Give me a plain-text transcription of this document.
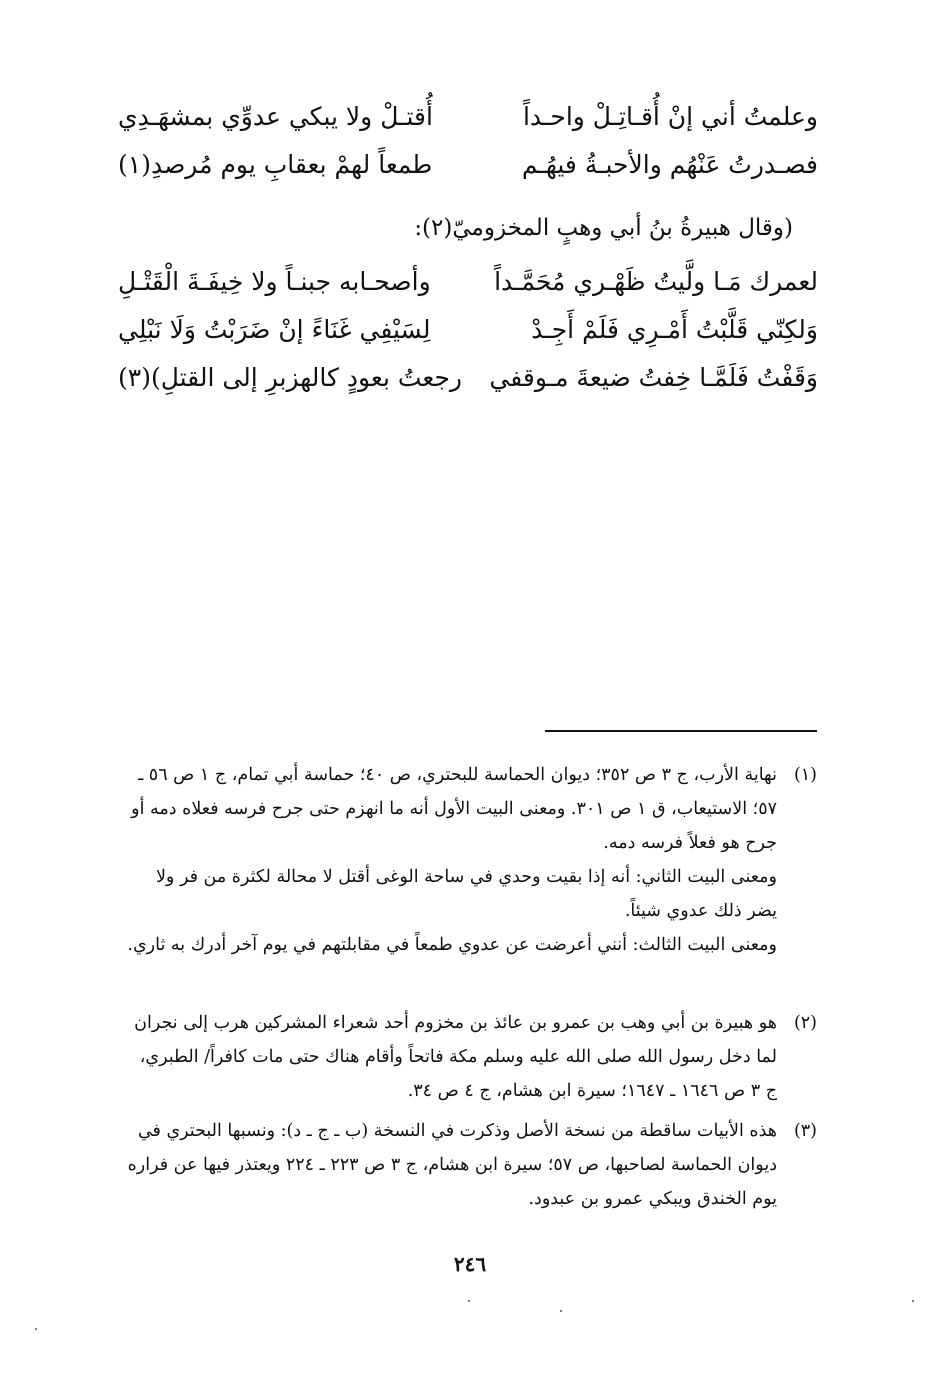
وعلمتُ أني إنْ أُقـاتِـلْ واحـداً
أُقتـلْ ولا يبكي عدوِّي بمشهَـدِي
فصـدرتُ عَنْهُم والأحبـةُ فيهُـم
طمعاً لهمْ بعقابِ يوم مُرصدِ(١)
(وقال هبيرةُ بنُ أبي وهبٍ المخزوميّ(٢):
لعمرك مَـا ولَّيتُ ظَهْـري مُحَمَّـداً
وأصحـابه جبنـاً ولا خِيفَـةَ الْقَتْـلِ
وَلكِنّي قَلَّبْتُ أَمْـرِي فَلَمْ أَجِـدْ
لِسَيْفِي غَنَاءً إنْ ضَرَبْتُ وَلَا نَبْلِي
وَقَفْتُ فَلَمَّـا خِفتُ ضيعةَ مـوقفي
رجعتُ بعودٍ كالهزبرِ إلى القتلِ)(٣)
(١)

نهاية الأرب، ج ٣ ص ٣٥٢؛ ديوان الحماسة للبحتري، ص ٤٠؛ حماسة أبي تمام، ج ١ ص ٥٦ ـ ٥٧؛ الاستيعاب، ق ١ ص ٣٠١. ومعنى البيت الأول أنه ما انهزم حتى جرح فرسه فعلاه دمه أو جرح هو فعلاً فرسه دمه.

ومعنى البيت الثاني: أنه إذا بقيت وحدي في ساحة الوغى أقتل لا محالة لكثرة من فر ولا يضر ذلك عدوي شيئاً.

ومعنى البيت الثالث: أنني أعرضت عن عدوي طمعاً في مقابلتهم في يوم آخر أدرك به ثاري.

(٢)

هو هبيرة بن أبي وهب بن عمرو بن عائذ بن مخزوم أحد شعراء المشركين هرب إلى نجران لما دخل رسول الله صلى الله عليه وسلم مكة فاتحاً وأقام هناك حتى مات كافراً/ الطبري، ج ٣ ص ١٦٤٦ ـ ١٦٤٧؛ سيرة ابن هشام، ج ٤ ص ٣٤.

(٣)

هذه الأبيات ساقطة من نسخة الأصل وذكرت في النسخة (ب ـ ج ـ د): ونسبها البحتري في ديوان الحماسة لصاحبها، ص ٥٧؛ سيرة ابن هشام، ج ٣ ص ٢٢٣ ـ ٢٢٤ ويعتذر فيها عن فراره يوم الخندق ويبكي عمرو بن عبدود.

٢٤٦
